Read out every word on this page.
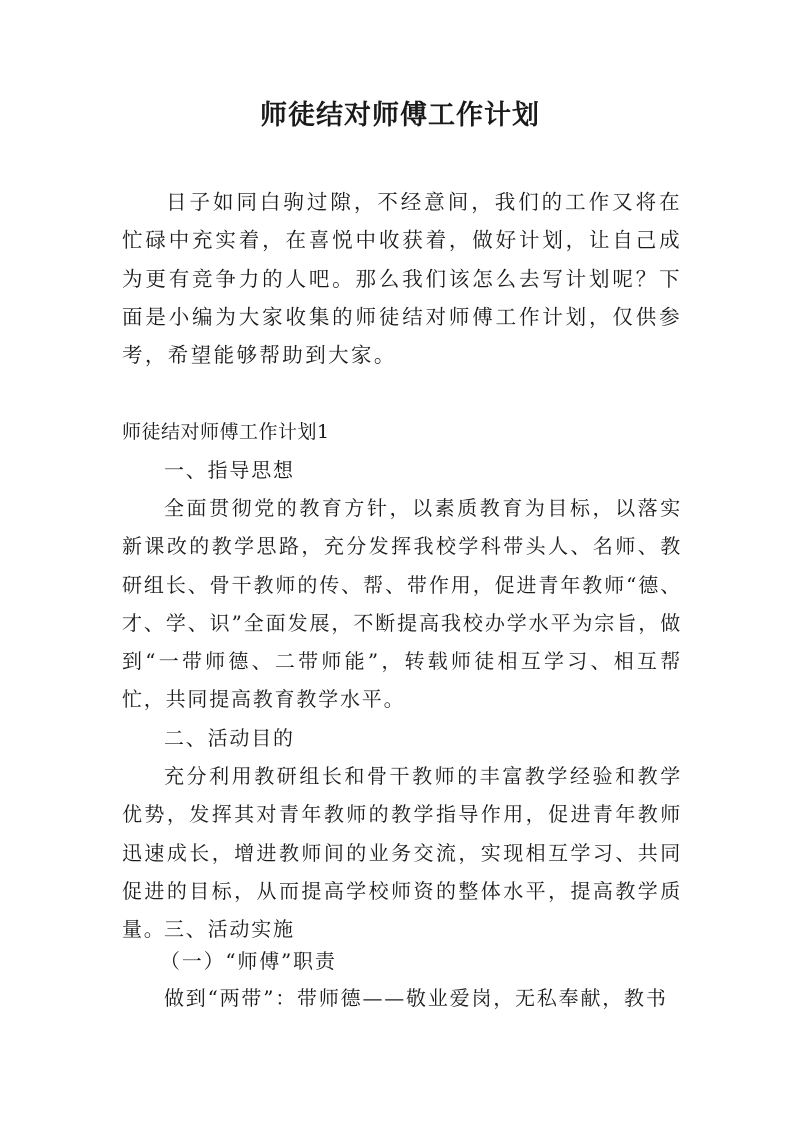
师徒结对师傅工作计划

日子如同白驹过隙，不经意间，我们的工作又将在忙碌中充实着，在喜悦中收获着，做好计划，让自己成为更有竞争力的人吧。那么我们该怎么去写计划呢？下面是小编为大家收集的师徒结对师傅工作计划，仅供参考，希望能够帮助到大家。

师徒结对师傅工作计划1

一、指导思想

全面贯彻党的教育方针，以素质教育为目标，以落实新课改的教学思路，充分发挥我校学科带头人、名师、教研组长、骨干教师的传、帮、带作用，促进青年教师“德、才、学、识”全面发展，不断提高我校办学水平为宗旨，做到“一带师德、二带师能”，转载师徒相互学习、相互帮忙，共同提高教育教学水平。

二、活动目的

充分利用教研组长和骨干教师的丰富教学经验和教学优势，发挥其对青年教师的教学指导作用，促进青年教师迅速成长，增进教师间的业务交流，实现相互学习、共同促进的目标，从而提高学校师资的整体水平，提高教学质量。

三、活动实施

（一）“师傅”职责

做到“两带”：带师德——敬业爱岗，无私奉献，教书
